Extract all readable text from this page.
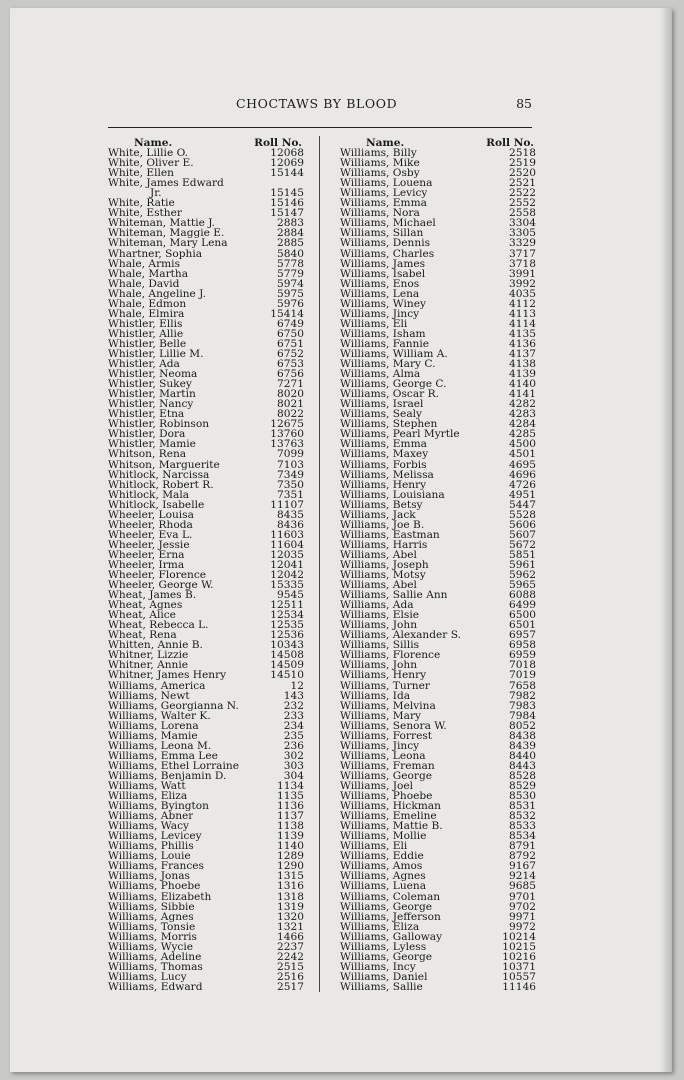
CHOCTAWS BY BLOOD	85
Name.	Roll No.
White, Lillie O.	12068
White, Oliver E.	12069
White, Ellen	15144
White, James Edward
Jr.	15145
White, Ratie	15146
White, Esther	15147
Whiteman, Mattie J.	2883
Whiteman, Maggie E.	2884
Whiteman, Mary Lena	2885
Whartner, Sophia	5840
Whale, Armis	5778
Whale, Martha	5779
Whale, David	5974
Whale, Angeline J.	5975
Whale, Edmon	5976
Whale, Elmira	15414
Whistler, Ellis	6749
Whistler, Allie	6750
Whistler, Belle	6751
Whistler, Lillie M.	6752
Whistler, Ada	6753
Whistler, Neoma	6756
Whistler, Sukey	7271
Whistler, Martin	8020
Whistler, Nancy	8021
Whistler, Etna	8022
Whistler, Robinson	12675
Whistler, Dora	13760
Whistler, Mamie	13763
Whitson, Rena	7099
Whitson, Marguerite	7103
Whitlock, Narcissa	7349
Whitlock, Robert R.	7350
Whitlock, Mala	7351
Whitlock, Isabelle	11107
Wheeler, Louisa	8435
Wheeler, Rhoda	8436
Wheeler, Eva L.	11603
Wheeler, Jessie	11604
Wheeler, Erna	12035
Wheeler, Irma	12041
Wheeler, Florence	12042
Wheeler, George W.	15335
Wheat, James B.	9545
Wheat, Agnes	12511
Wheat, Alice	12534
Wheat, Rebecca L.	12535
Wheat, Rena	12536
Whitten, Annie B.	10343
Whitner, Lizzie	14508
Whitner, Annie	14509
Whitner, James Henry	14510
Williams, America	12
Williams, Newt	143
Williams, Georgianna N.	232
Williams, Walter K.	233
Williams, Lorena	234
Williams, Mamie	235
Williams, Leona M.	236
Williams, Emma Lee	302
Williams, Ethel Lorraine	303
Williams, Benjamin D.	304
Williams, Watt	1134
Williams, Eliza	1135
Williams, Byington	1136
Williams, Abner	1137
Williams, Wacy	1138
Williams, Levicey	1139
Williams, Phillis	1140
Williams, Louie	1289
Williams, Frances	1290
Williams, Jonas	1315
Williams, Phoebe	1316
Williams, Elizabeth	1318
Williams, Sibbie	1319
Williams, Agnes	1320
Williams, Tonsie	1321
Williams, Morris	1466
Williams, Wycie	2237
Williams, Adeline	2242
Williams, Thomas	2515
Williams, Lucy	2516
Williams, Edward	2517
Name.	Roll No.
Williams, Billy	2518
Williams, Mike	2519
Williams, Osby	2520
Williams, Louena	2521
Williams, Levicy	2522
Williams, Emma	2552
Williams, Nora	2558
Williams, Michael	3304
Williams, Sillan	3305
Williams, Dennis	3329
Williams, Charles	3717
Williams, James	3718
Williams, Isabel	3991
Williams, Enos	3992
Williams, Lena	4035
Williams, Winey	4112
Williams, Jincy	4113
Williams, Eli	4114
Williams, Isham	4135
Williams, Fannie	4136
Williams, William A.	4137
Williams, Mary C.	4138
Williams, Alma	4139
Williams, George C.	4140
Williams, Oscar R.	4141
Williams, Israel	4282
Williams, Sealy	4283
Williams, Stephen	4284
Williams, Pearl Myrtle	4285
Williams, Emma	4500
Williams, Maxey	4501
Williams, Forbis	4695
Williams, Melissa	4696
Williams, Henry	4726
Williams, Louisiana	4951
Williams, Betsy	5447
Williams, Jack	5528
Williams, Joe B.	5606
Williams, Eastman	5607
Williams, Harris	5672
Williams, Abel	5851
Williams, Joseph	5961
Williams, Motsy	5962
Williams, Abel	5965
Williams, Sallie Ann	6088
Williams, Ada	6499
Williams, Elsie	6500
Williams, John	6501
Williams, Alexander S.	6957
Williams, Sillis	6958
Williams, Florence	6959
Williams, John	7018
Williams, Henry	7019
Williams, Turner	7658
Williams, Ida	7982
Williams, Melvina	7983
Williams, Mary	7984
Williams, Senora W.	8052
Williams, Forrest	8438
Williams, Jincy	8439
Williams, Leona	8440
Williams, Freman	8443
Williams, George	8528
Williams, Joel	8529
Williams, Phoebe	8530
Williams, Hickman	8531
Williams, Emeline	8532
Williams, Mattie B.	8533
Williams, Mollie	8534
Williams, Eli	8791
Williams, Eddie	8792
Williams, Amos	9167
Williams, Agnes	9214
Williams, Luena	9685
Williams, Coleman	9701
Williams, George	9702
Williams, Jefferson	9971
Williams, Eliza	9972
Williams, Galloway	10214
Williams, Lyless	10215
Williams, George	10216
Williams, Incy	10371
Williams, Daniel	10557
Williams, Sallie	11146
